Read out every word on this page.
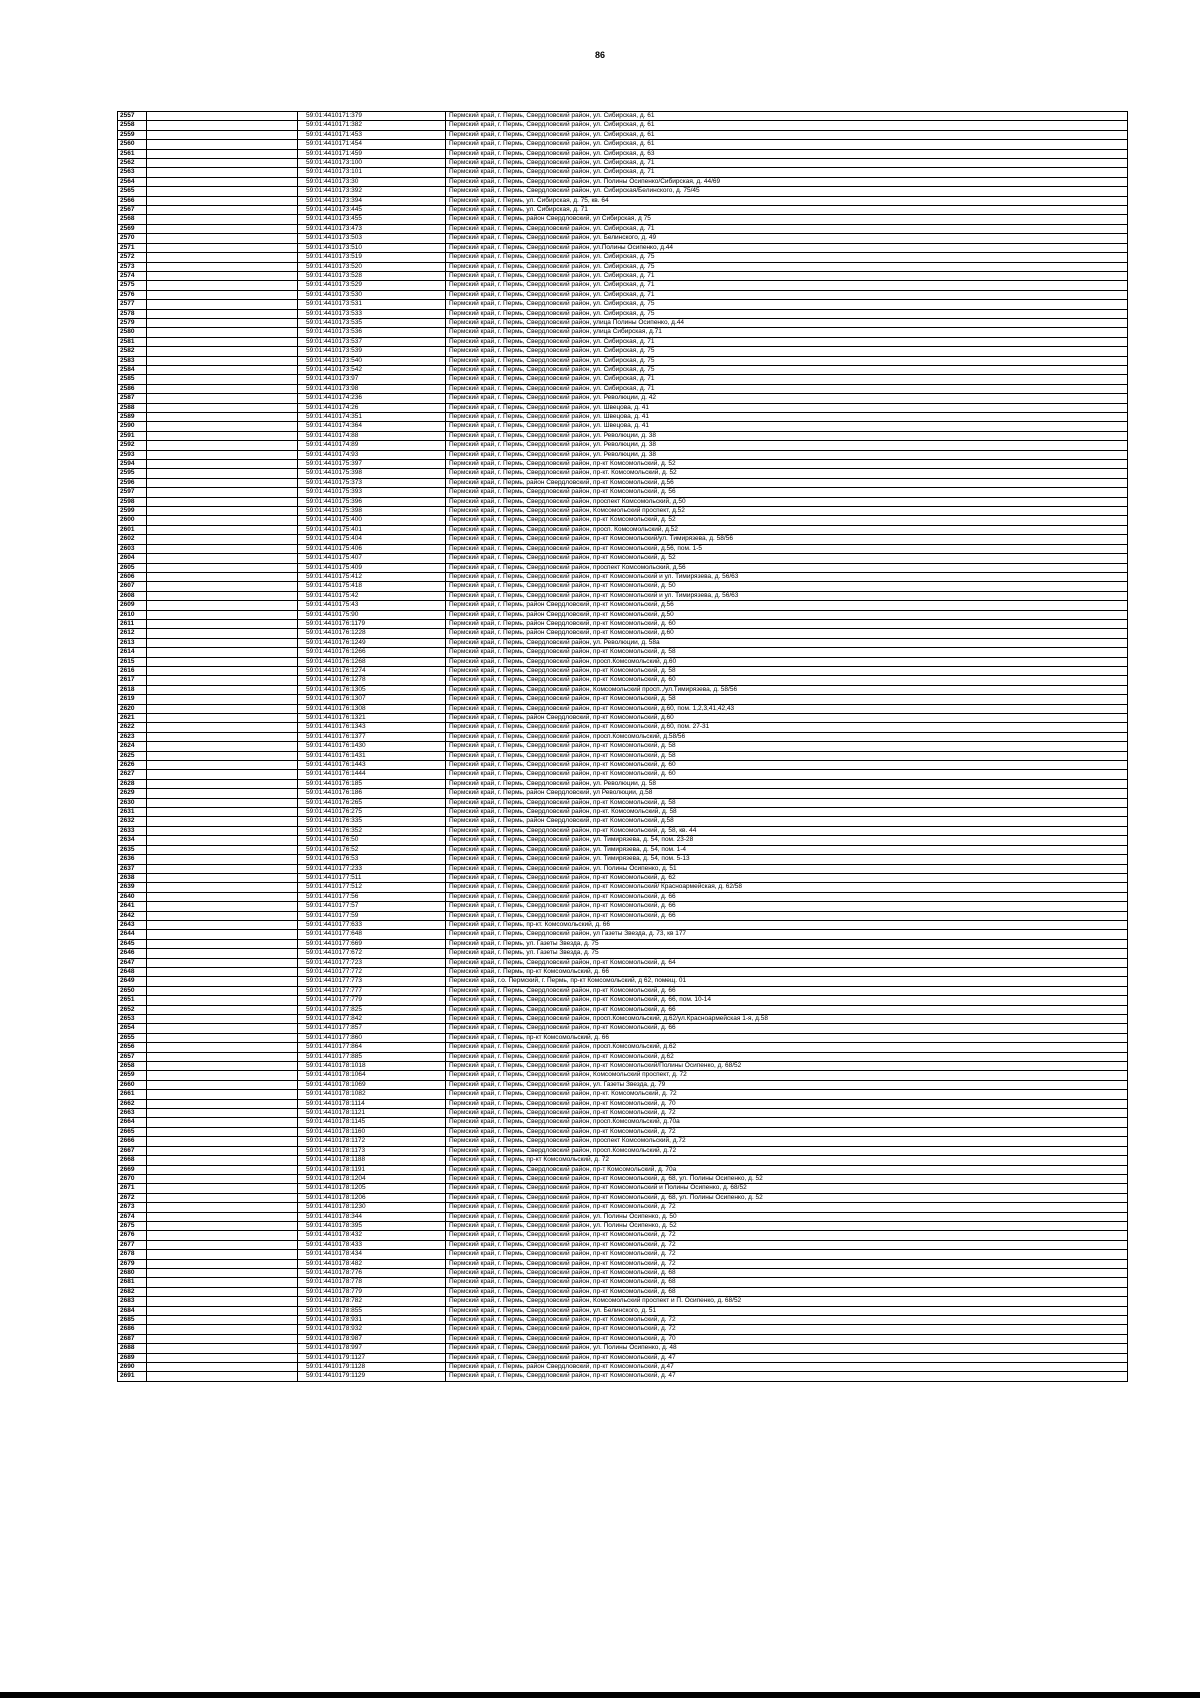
86
2557		59:01:4410171:379	Пермский край, г. Пермь, Свердловский район, ул. Сибирская, д. 61
2558		59:01:4410171:382	Пермский край, г. Пермь, Свердловский район, ул. Сибирская, д. 61
2559		59:01:4410171:453	Пермский край, г. Пермь, Свердловский район, ул. Сибирская, д. 61
2560		59:01:4410171:454	Пермский край, г. Пермь, Свердловский район, ул. Сибирская, д. 61
2561		59:01:4410171:459	Пермский край, г. Пермь, Свердловский район, ул. Сибирская, д. 63
2562		59:01:4410173:100	Пермский край, г. Пермь, Свердловский район, ул. Сибирская, д. 71
2563		59:01:4410173:101	Пермский край, г. Пермь, Свердловский район, ул. Сибирская, д. 71
2564		59:01:4410173:30	Пермский край, г. Пермь, Свердловский район, ул. Полины Осипенко/Сибирская, д. 44/69
2565		59:01:4410173:392	Пермский край, г. Пермь, Свердловский район, ул. Сибирская/Белинского, д. 75/45
2566		59:01:4410173:394	Пермский край, г. Пермь, ул. Сибирская, д. 75, кв. 64
2567		59:01:4410173:445	Пермский край, г. Пермь, ул. Сибирская, д. 71
2568		59:01:4410173:455	Пермский край, г. Пермь, район Свердловский, ул Сибирская, д 75
2569		59:01:4410173:473	Пермский край, г. Пермь, Свердловский район, ул. Сибирская, д. 71
2570		59:01:4410173:503	Пермский край, г. Пермь, Свердловский район, ул. Белинского, д. 49
2571		59:01:4410173:510	Пермский край, г. Пермь, Свердловский район, ул.Полины Осипенко, д.44
2572		59:01:4410173:519	Пермский край, г. Пермь, Свердловский район, ул. Сибирская, д. 75
2573		59:01:4410173:520	Пермский край, г. Пермь, Свердловский район, ул. Сибирская, д. 75
2574		59:01:4410173:528	Пермский край, г. Пермь, Свердловский район, ул. Сибирская, д. 71
2575		59:01:4410173:529	Пермский край, г. Пермь, Свердловский район, ул. Сибирская, д. 71
2576		59:01:4410173:530	Пермский край, г. Пермь, Свердловский район, ул. Сибирская, д. 71
2577		59:01:4410173:531	Пермский край, г. Пермь, Свердловский район, ул. Сибирская, д. 75
2578		59:01:4410173:533	Пермский край, г. Пермь, Свердловский район, ул. Сибирская, д. 75
2579		59:01:4410173:535	Пермский край, г. Пермь, Свердловский район, улица Полины Осипенко, д.44
2580		59:01:4410173:536	Пермский край, г. Пермь, Свердловский район, улица Сибирская, д.71
2581		59:01:4410173:537	Пермский край, г. Пермь, Свердловский район, ул. Сибирская, д. 71
2582		59:01:4410173:539	Пермский край, г. Пермь, Свердловский район, ул. Сибирская, д. 75
2583		59:01:4410173:540	Пермский край, г. Пермь, Свердловский район, ул. Сибирская, д. 75
2584		59:01:4410173:542	Пермский край, г. Пермь, Свердловский район, ул. Сибирская, д. 75
2585		59:01:4410173:97	Пермский край, г. Пермь, Свердловский район, ул. Сибирская, д. 71
2586		59:01:4410173:98	Пермский край, г. Пермь, Свердловский район, ул. Сибирская, д. 71
2587		59:01:4410174:236	Пермский край, г. Пермь, Свердловский район, ул. Революции, д. 42
2588		59:01:4410174:26	Пермский край, г. Пермь, Свердловский район, ул. Швецова, д. 41
2589		59:01:4410174:351	Пермский край, г. Пермь, Свердловский район, ул. Швецова, д. 41
2590		59:01:4410174:364	Пермский край, г. Пермь, Свердловский район, ул. Швецова, д. 41
2591		59:01:4410174:88	Пермский край, г. Пермь, Свердловский район, ул. Революции, д. 38
2592		59:01:4410174:89	Пермский край, г. Пермь, Свердловский район, ул. Революции, д. 38
2593		59:01:4410174:93	Пермский край, г. Пермь, Свердловский район, ул. Революции, д. 38
2594		59:01:4410175:397	Пермский край, г. Пермь, Свердловский район, пр-кт Комсомольский, д. 52
2595		59:01:4410175:398	Пермский край, г. Пермь, Свердловский район, пр-кт. Комсомольский, д. 52
2596		59:01:4410175:373	Пермский край, г. Пермь, район Свердловский, пр-кт Комсомольский, д.56
2597		59:01:4410175:393	Пермский край, г. Пермь, Свердловский район, пр-кт Комсомольский, д. 56
2598		59:01:4410175:396	Пермский край, г. Пермь, Свердловский район, проспект Комсомольский, д.50
2599		59:01:4410175:398	Пермский край, г. Пермь, Свердловский район, Комсомольский проспект, д.52
2600		59:01:4410175:400	Пермский край, г. Пермь, Свердловский район, пр-кт Комсомольский, д. 52
2601		59:01:4410175:401	Пермский край, г. Пермь, Свердловский район, просп. Комсомольский, д.52
2602		59:01:4410175:404	Пермский край, г. Пермь, Свердловский район, пр-кт Комсомольский/ул. Тимирязева, д. 58/56
2603		59:01:4410175:406	Пермский край, г. Пермь, Свердловский район, пр-кт Комсомольский, д.56, пом. 1-5
2604		59:01:4410175:407	Пермский край, г. Пермь, Свердловский район, пр-кт Комсомольский, д. 52
2605		59:01:4410175:409	Пермский край, г. Пермь, Свердловский район, проспект Комсомольский, д.56
2606		59:01:4410175:412	Пермский край, г. Пермь, Свердловский район, пр-кт Комсомольский и ул. Тимирязева, д. 56/63
2607		59:01:4410175:418	Пермский край, г. Пермь, Свердловский район, пр-кт Комсомольский, д. 50
2608		59:01:4410175:42	Пермский край, г. Пермь, Свердловский район, пр-кт Комсомольский и ул. Тимирязева, д. 56/63
2609		59:01:4410175:43	Пермский край, г. Пермь, район Свердловский, пр-кт Комсомольский, д.56
2610		59:01:4410175:90	Пермский край, г. Пермь, район Свердловский, пр-кт Комсомольский, д.50
2611		59:01:4410176:1179	Пермский край, г. Пермь, район Свердловский, пр-кт Комсомольский, д. 60
2612		59:01:4410176:1228	Пермский край, г. Пермь, район Свердловский, пр-кт Комсомольский, д.60
2613		59:01:4410176:1249	Пермский край, г. Пермь, Свердловский район, ул. Революции, д. 58а
2614		59:01:4410176:1266	Пермский край, г. Пермь, Свердловский район, пр-кт Комсомольский, д. 58
2615		59:01:4410176:1268	Пермский край, г. Пермь, Свердловский район, просп.Комсомольский, д.60
2616		59:01:4410176:1274	Пермский край, г. Пермь, Свердловский район, пр-кт Комсомольский, д. 58
2617		59:01:4410176:1278	Пермский край, г. Пермь, Свердловский район, пр-кт Комсомольский, д. 60
2618		59:01:4410176:1305	Пермский край, г. Пермь, Свердловский район, Комсомольский просп.,/ул.Тимирязева, д. 58/56
2619		59:01:4410176:1307	Пермский край, г. Пермь, Свердловский район, пр-кт Комсомольский, д. 58
2620		59:01:4410176:1308	Пермский край, г. Пермь, Свердловский район, пр-кт Комсомольский, д.60, пом. 1,2,3,41,42,43
2621		59:01:4410176:1321	Пермский край, г. Пермь, район Свердловский, пр-кт Комсомольский, д.60
2622		59:01:4410176:1343	Пермский край, г. Пермь, Свердловский район, пр-кт Комсомольский, д.60, пом. 27-31
2623		59:01:4410176:1377	Пермский край, г. Пермь, Свердловский район, просп.Комсомольский, д.58/56
2624		59:01:4410176:1430	Пермский край, г. Пермь, Свердловский район, пр-кт Комсомольский, д. 58
2625		59:01:4410176:1431	Пермский край, г. Пермь, Свердловский район, пр-кт Комсомольский, д. 58
2626		59:01:4410176:1443	Пермский край, г. Пермь, Свердловский район, пр-кт Комсомольский, д. 60
2627		59:01:4410176:1444	Пермский край, г. Пермь, Свердловский район, пр-кт Комсомольский, д. 60
2628		59:01:4410176:185	Пермский край, г. Пермь, Свердловский район, ул. Революции, д. 58
2629		59:01:4410176:186	Пермский край, г. Пермь, район Свердловский, ул Революции, д.58
2630		59:01:4410176:265	Пермский край, г. Пермь, Свердловский район, пр-кт Комсомольский, д. 58
2631		59:01:4410176:275	Пермский край, г. Пермь, Свердловский район, пр-кт. Комсомольский, д. 58
2632		59:01:4410176:335	Пермский край, г. Пермь, район Свердловский, пр-кт Комсомольский, д.58
2633		59:01:4410176:352	Пермский край, г. Пермь, Свердловский район, пр-кт Комсомольский, д. 58, кв. 44
2634		59:01:4410176:50	Пермский край, г. Пермь, Свердловский район, ул. Тимирязева, д. 54, пом. 23-28
2635		59:01:4410176:52	Пермский край, г. Пермь, Свердловский район, ул. Тимирязева, д. 54, пом. 1-4
2636		59:01:4410176:53	Пермский край, г. Пермь, Свердловский район, ул. Тимирязева, д. 54, пом. 5-13
2637		59:01:4410177:233	Пермский край, г. Пермь, Свердловский район, ул. Полины Осипенко, д. 51
2638		59:01:4410177:511	Пермский край, г. Пермь, Свердловский район, пр-кт Комсомольский, д. 62
2639		59:01:4410177:512	Пермский край, г. Пермь, Свердловский район, пр-кт Комсомольский/ Красноармейская, д. 62/58
2640		59:01:4410177:56	Пермский край, г. Пермь, Свердловский район, пр-кт Комсомольский, д. 66
2641		59:01:4410177:57	Пермский край, г. Пермь, Свердловский район, пр-кт Комсомольский, д. 66
2642		59:01:4410177:59	Пермский край, г. Пермь, Свердловский район, пр-кт Комсомольский, д. 66
2643		59:01:4410177:633	Пермский край, г. Пермь, пр-кт. Комсомольский, д. 66
2644		59:01:4410177:648	Пермский край, г. Пермь, Свердловский район, ул Газеты Звезда, д. 73, кв 177
2645		59:01:4410177:669	Пермский край, г. Пермь, ул. Газеты Звезда, д. 75
2646		59:01:4410177:672	Пермский край, г. Пермь, ул. Газеты Звезда, д. 75
2647		59:01:4410177:723	Пермский край, г. Пермь, Свердловский район, пр-кт Комсомольский, д. 64
2648		59:01:4410177:772	Пермский край, г. Пермь, пр-кт Комсомольский, д. 66
2649		59:01:4410177:773	Пермский край, г.о. Пермский, г. Пермь, пр-кт Комсомольский, д 62, помещ. 01
2650		59:01:4410177:777	Пермский край, г. Пермь, Свердловский район, пр-кт Комсомольский, д. 66
2651		59:01:4410177:779	Пермский край, г. Пермь, Свердловский район, пр-кт Комсомольский, д. 66, пом. 10-14
2652		59:01:4410177:825	Пермский край, г. Пермь, Свердловский район, пр-кт Комсомольский, д. 66
2653		59:01:4410177:842	Пермский край, г. Пермь, Свердловский район, просп.Комсомольский, д.62/ул.Красноармейская 1-я, д.58
2654		59:01:4410177:857	Пермский край, г. Пермь, Свердловский район, пр-кт Комсомольский, д. 66
2655		59:01:4410177:860	Пермский край, г. Пермь, пр-кт Комсомольский, д. 66
2656		59:01:4410177:864	Пермский край, г. Пермь, Свердловский район, просп.Комсомольский, д.62
2657		59:01:4410177:885	Пермский край, г. Пермь, Свердловский район, пр-кт Комсомольский, д.62
2658		59:01:4410178:1018	Пермский край, г. Пермь, Свердловский район, пр-кт Комсомольский/Полины Осипенко, д. 68/52
2659		59:01:4410178:1064	Пермский край, г. Пермь, Свердловский район, Комсомольский проспект, д. 72
2660		59:01:4410178:1069	Пермский край, г. Пермь, Свердловский район, ул. Газеты Звезда, д. 79
2661		59:01:4410178:1082	Пермский край, г. Пермь, Свердловский район, пр-кт. Комсомольский, д. 72
2662		59:01:4410178:1114	Пермский край, г. Пермь, Свердловский район, пр-кт Комсомольский, д. 70
2663		59:01:4410178:1121	Пермский край, г. Пермь, Свердловский район, пр-кт Комсомольский, д. 72
2664		59:01:4410178:1145	Пермский край, г. Пермь, Свердловский район, просп.Комсомольский, д.70а
2665		59:01:4410178:1160	Пермский край, г. Пермь, Свердловский район, пр-кт Комсомольский, д. 72
2666		59:01:4410178:1172	Пермский край, г. Пермь, Свердловский район, проспект Комсомольский, д.72
2667		59:01:4410178:1173	Пермский край, г. Пермь, Свердловский район, просп.Комсомольский, д.72
2668		59:01:4410178:1188	Пермский край, г. Пермь, пр-кт Комсомольский, д. 72
2669		59:01:4410178:1191	Пермский край, г. Пермь, Свердловский район, пр-т Комсомольский, д. 70а
2670		59:01:4410178:1204	Пермский край, г. Пермь, Свердловский район, пр-кт Комсомольский, д. 68, ул. Полины Осипенко, д. 52
2671		59:01:4410178:1205	Пермский край, г. Пермь, Свердловский район, пр-кт Комсомольский и Полины Осипенко, д. 68/52
2672		59:01:4410178:1206	Пермский край, г. Пермь, Свердловский район, пр-кт Комсомольский, д. 68, ул. Полины Осипенко, д. 52
2673		59:01:4410178:1230	Пермский край, г. Пермь, Свердловский район, пр-кт Комсомольский, д. 72
2674		59:01:4410178:344	Пермский край, г. Пермь, Свердловский район, ул. Полины Осипенко, д. 50
2675		59:01:4410178:395	Пермский край, г. Пермь, Свердловский район, ул. Полины Осипенко, д. 52
2676		59:01:4410178:432	Пермский край, г. Пермь, Свердловский район, пр-кт Комсомольский, д. 72
2677		59:01:4410178:433	Пермский край, г. Пермь, Свердловский район, пр-кт Комсомольский, д. 72
2678		59:01:4410178:434	Пермский край, г. Пермь, Свердловский район, пр-кт Комсомольский, д. 72
2679		59:01:4410178:482	Пермский край, г. Пермь, Свердловский район, пр-кт Комсомольский, д. 72
2680		59:01:4410178:776	Пермский край, г. Пермь, Свердловский район, пр-кт Комсомольский, д. 68
2681		59:01:4410178:778	Пермский край, г. Пермь, Свердловский район, пр-кт Комсомольский, д. 68
2682		59:01:4410178:779	Пермский край, г. Пермь, Свердловский район, пр-кт Комсомольский, д. 68
2683		59:01:4410178:782	Пермский край, г. Пермь, Свердловский район, Комсомольский проспект и П. Осипенко, д. 68/52
2684		59:01:4410178:855	Пермский край, г. Пермь, Свердловский район, ул. Белинского, д. 51
2685		59:01:4410178:931	Пермский край, г. Пермь, Свердловский район, пр-кт Комсомольский, д. 72
2686		59:01:4410178:932	Пермский край, г. Пермь, Свердловский район, пр-кт Комсомольский, д. 72
2687		59:01:4410178:987	Пермский край, г. Пермь, Свердловский район, пр-кт Комсомольский, д. 70
2688		59:01:4410178:997	Пермский край, г. Пермь, Свердловский район, ул. Полины Осипенко, д. 48
2689		59:01:4410179:1127	Пермский край, г. Пермь, Свердловский район, пр-кт Комсомольский, д. 47
2690		59:01:4410179:1128	Пермский край, г. Пермь, район Свердловский, пр-кт Комсомольский, д.47
2691		59:01:4410179:1129	Пермский край, г. Пермь, Свердловский район, пр-кт Комсомольский, д. 47
